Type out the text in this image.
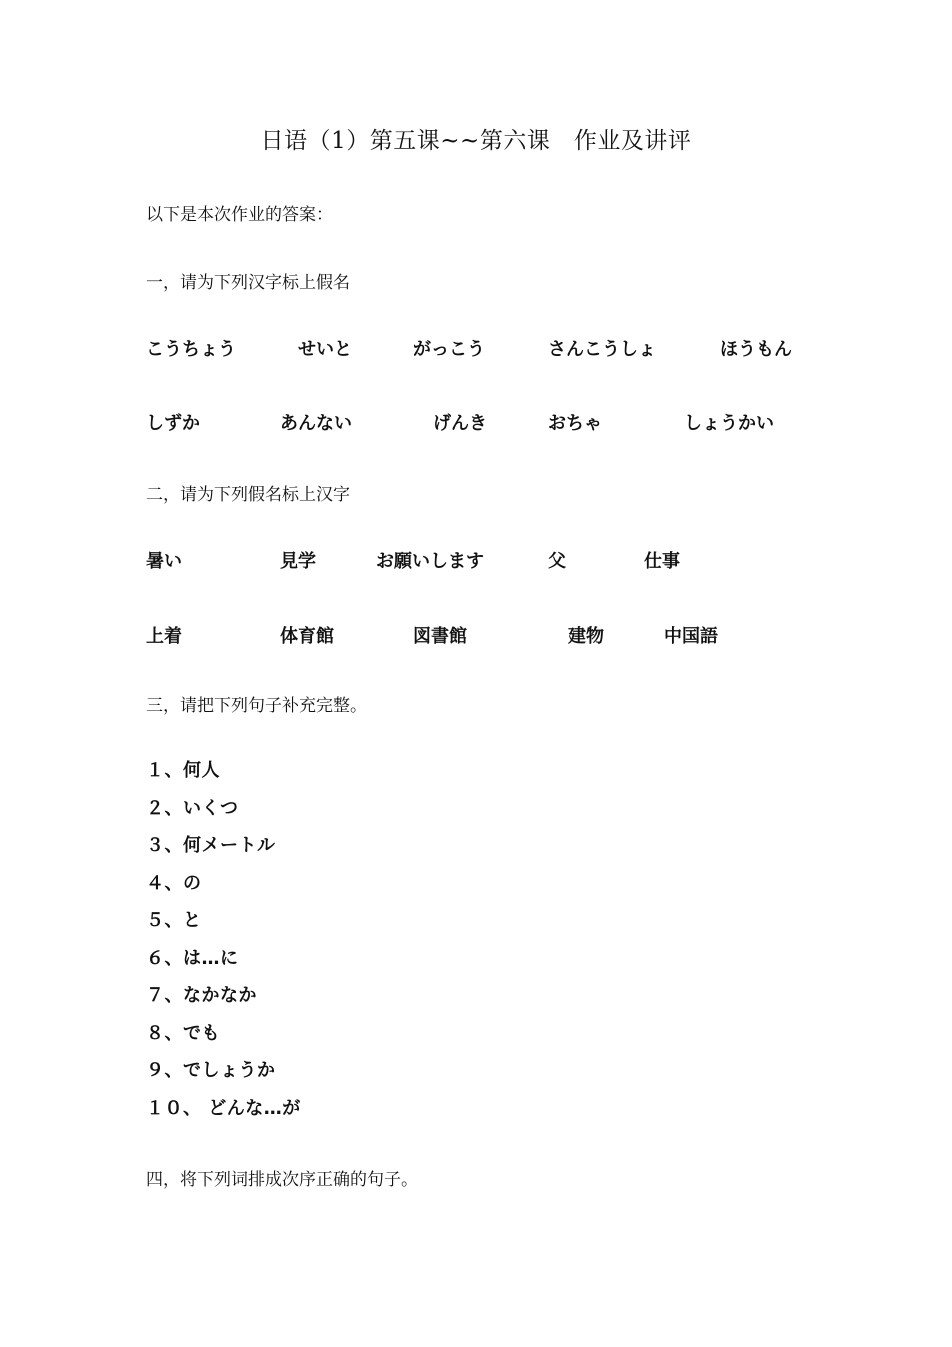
日语（1）第五课~~第六课　作业及讲评
以下是本次作业的答案：
一，请为下列汉字标上假名
こうちょう	せいと	がっこう	さんこうしょ	ほうもん
しずか	あんない	げんき	おちゃ	しょうかい
二，请为下列假名标上汉字
暑い	見学	お願いします	父	仕事
上着	体育館	図書館	建物	中国語
三，请把下列句子补充完整。
１、何人
２、いくつ
３、何メートル
４、の
５、と
６、は…に
７、なかなか
８、でも
９、でしょうか
１０、 どんな…が
四，将下列词排成次序正确的句子。
